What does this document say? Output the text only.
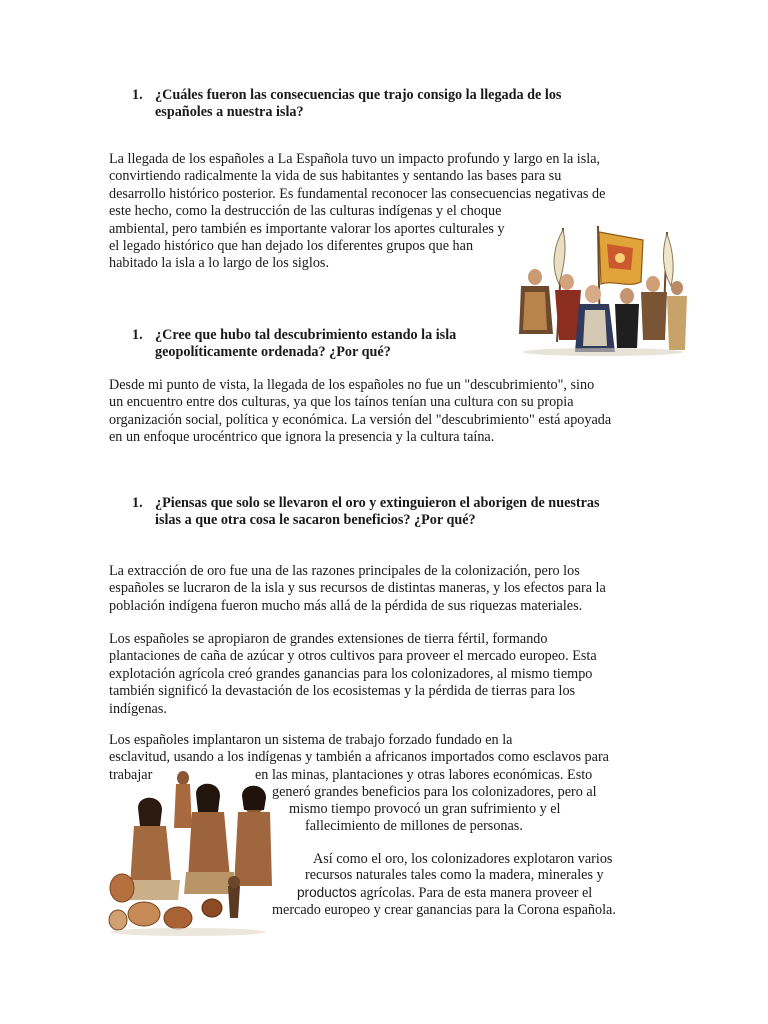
1. ¿Cuáles fueron las consecuencias que trajo consigo la llegada de los
españoles a nuestra isla?
La llegada de los españoles a La Española tuvo un impacto profundo y largo en la isla,
convirtiendo radicalmente la vida de sus habitantes y sentando las bases para su
desarrollo histórico posterior. Es fundamental reconocer las consecuencias negativas de
este hecho, como la destrucción de las culturas indígenas y el choque
ambiental, pero también es importante valorar los aportes culturales y
el legado histórico que han dejado los diferentes grupos que han
habitado la isla a lo largo de los siglos.
1. ¿Cree que hubo tal descubrimiento estando la isla
geopolíticamente ordenada? ¿Por qué?
Desde mi punto de vista, la llegada de los españoles no fue un "descubrimiento", sino
un encuentro entre dos culturas, ya que los taínos tenían una cultura con su propia
organización social, política y económica. La versión del "descubrimiento" está apoyada
en un enfoque urocéntrico que ignora la presencia y la cultura taína.
1. ¿Piensas que solo se llevaron el oro y extinguieron el aborigen de nuestras
islas a que otra cosa le sacaron beneficios? ¿Por qué?
La extracción de oro fue una de las razones principales de la colonización, pero los
españoles se lucraron de la isla y sus recursos de distintas maneras, y los efectos para la
población indígena fueron mucho más allá de la pérdida de sus riquezas materiales.
Los españoles se apropiaron de grandes extensiones de tierra fértil, formando
plantaciones de caña de azúcar y otros cultivos para proveer el mercado europeo. Esta
explotación agrícola creó grandes ganancias para los colonizadores, al mismo tiempo
también significó la devastación de los ecosistemas y la pérdida de tierras para los
indígenas.
Los españoles implantaron un sistema de trabajo forzado fundado en la
esclavitud, usando a los indígenas y también a africanos importados como esclavos para
trabajar	en las minas, plantaciones y otras labores económicas. Esto
generó grandes beneficios para los colonizadores, pero al
mismo tiempo provocó un gran sufrimiento y el
fallecimiento de millones de personas.
Así como el oro, los colonizadores explotaron varios
recursos naturales tales como la madera, minerales y
productos agrícolas. Para de esta manera proveer el
mercado europeo y crear ganancias para la Corona española.
